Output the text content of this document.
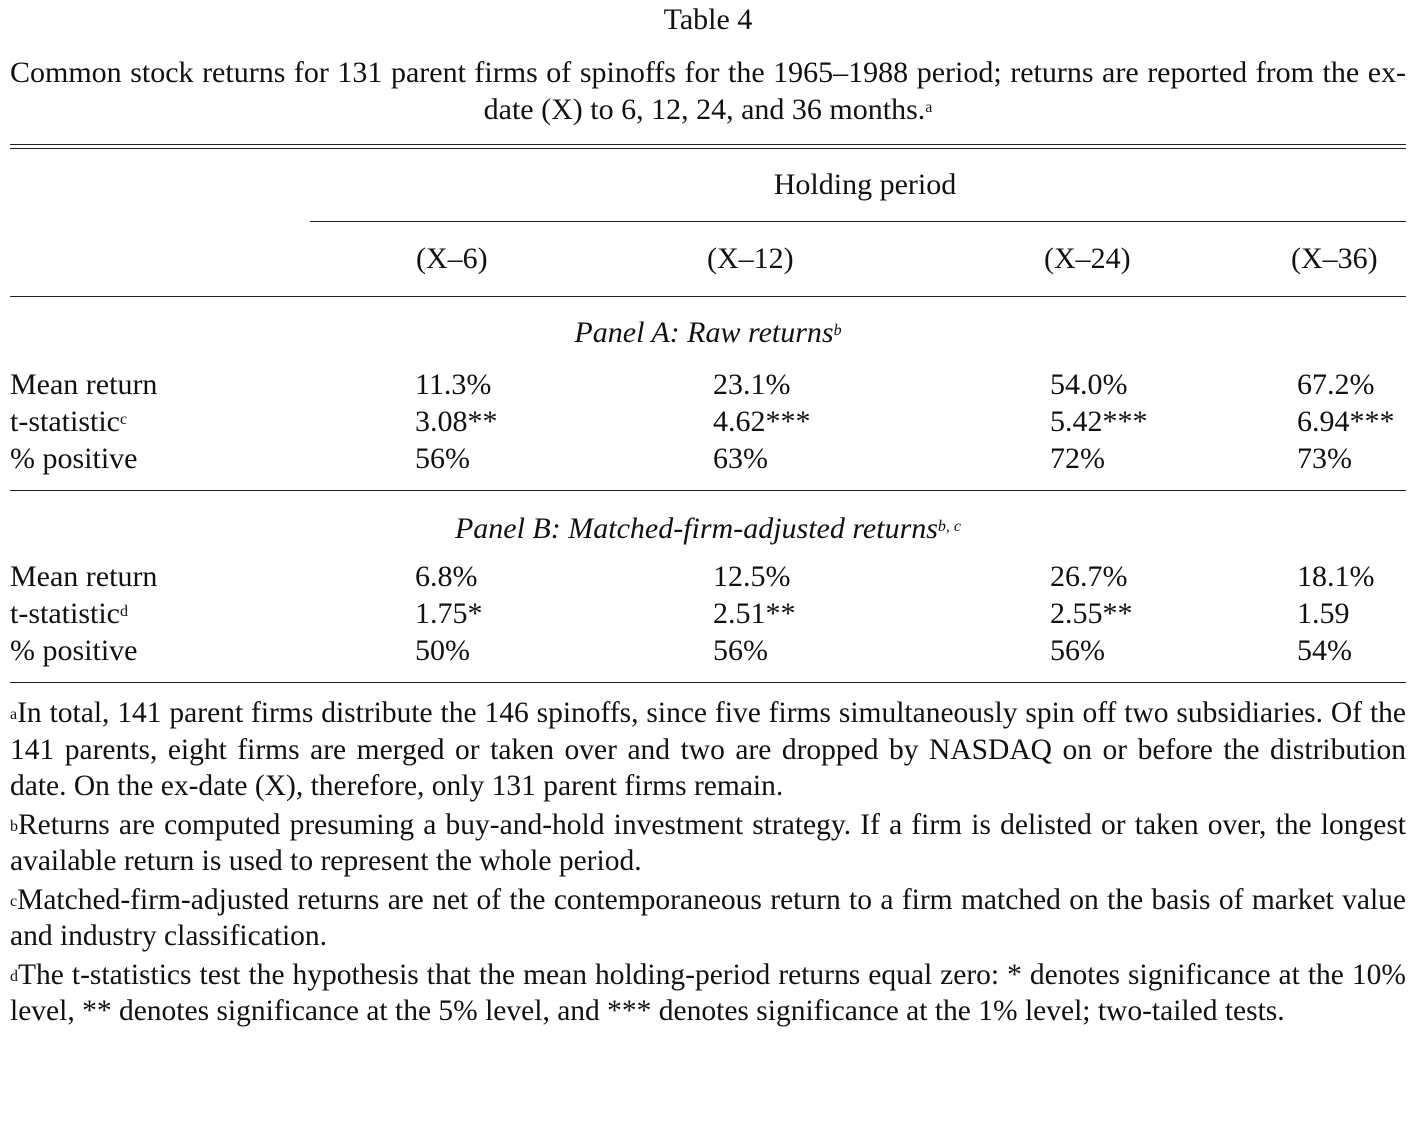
Table 4
Common stock returns for 131 parent firms of spinoffs for the 1965–1988 period; returns are reported from the ex-date (X) to 6, 12, 24, and 36 months.$^a$
Holding period
(X–6)	(X–12)	(X–24)	(X–36)
Panel A: Raw returns$^b$
Mean return	11.3%	23.1%	54.0%	67.2%
t-statistic$^c$	3.08**	4.62***	5.42***	6.94***
% positive	56%	63%	72%	73%
Panel B: Matched-firm-adjusted returns$^{b, c}$
Mean return	6.8%	12.5%	26.7%	18.1%
t-statistic$^d$	1.75*	2.51**	2.55**	1.59
% positive	50%	56%	56%	54%

$^a$In total, 141 parent firms distribute the 146 spinoffs, since five firms simultaneously spin off two subsidiaries. Of the 141 parents, eight firms are merged or taken over and two are dropped by NASDAQ on or before the distribution date. On the ex-date (X), therefore, only 131 parent firms remain.

$^b$Returns are computed presuming a buy-and-hold investment strategy. If a firm is delisted or taken over, the longest available return is used to represent the whole period.

$^c$Matched-firm-adjusted returns are net of the contemporaneous return to a firm matched on the basis of market value and industry classification.

$^d$The t-statistics test the hypothesis that the mean holding-period returns equal zero: * denotes significance at the 10% level, ** denotes significance at the 5% level, and *** denotes significance at the 1% level; two-tailed tests.
